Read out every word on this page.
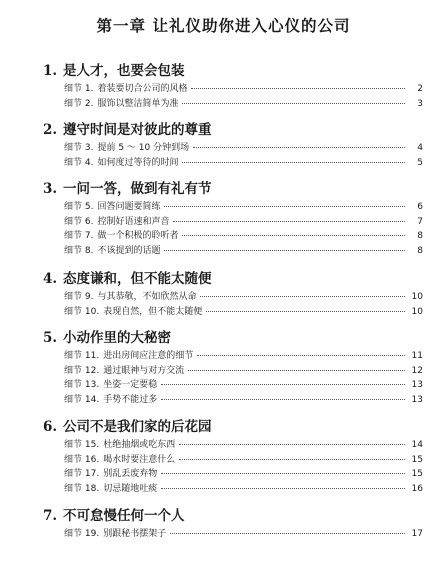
第一章 让礼仪助你进入心仪的公司
1. 是人才，也要会包装
细节 1. 着装要切合公司的风格	2
细节 2. 服饰以整洁简单为准	3
2. 遵守时间是对彼此的尊重
细节 3. 提前 5 ～ 10 分钟到场	4
细节 4. 如何度过等待的时间	5
3. 一问一答，做到有礼有节
细节 5. 回答问题要简练	6
细节 6. 控制好语速和声音	7
细节 7. 做一个积极的聆听者	8
细节 8. 不该提到的话题	8
4. 态度谦和，但不能太随便
细节 9. 与其恭敬，不如欣然从命	10
细节 10. 表现自然，但不能太随便	10
5. 小动作里的大秘密
细节 11. 进出房间应注意的细节	11
细节 12. 通过眼神与对方交流	12
细节 13. 坐姿一定要稳	13
细节 14. 手势不能过多	13
6. 公司不是我们家的后花园
细节 15. 杜绝抽烟或吃东西	14
细节 16. 喝水时要注意什么	15
细节 17. 别乱丢废弃物	15
细节 18. 切忌随地吐痰	16
7. 不可怠慢任何一个人
细节 19. 别跟秘书摆架子	17
